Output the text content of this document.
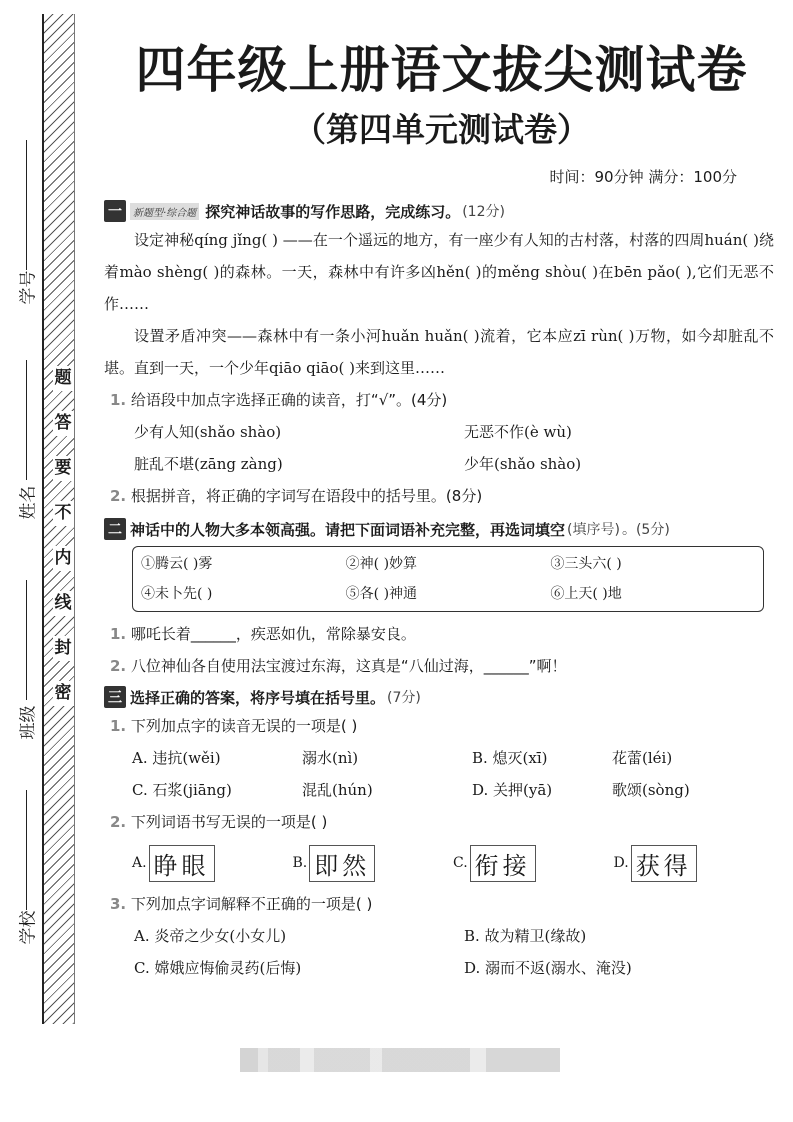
题
答
要
不
内
线
封
密
学号
姓名
班级
学校
四年级上册语文拔尖测试卷
（第四单元测试卷）
时间：90分钟 满分：100分
一	新题型·综合题 探究神话故事的写作思路，完成练习。 (12分)
设定神秘qíng jǐng( ) ——在一个遥远的地方，有一座少有人知的古村落，村落的四周huán( )绕着mào shèng( )的森林。一天，森林中有许多凶hěn( )的měng shòu( )在bēn pǎo( ),它们无恶不作……
设置矛盾冲突——森林中有一条小河huǎn huǎn( )流着，它本应zī rùn( )万物，如今却脏乱不堪。直到一天，一个少年qiāo qiāo( )来到这里……
1. 给语段中加点字选择正确的读音，打“√”。(4分)
少有人知(shǎo shào)	无恶不作(è wù)
脏乱不堪(zāng zàng)	少年(shǎo shào)
2. 根据拼音，将正确的字词写在语段中的括号里。(8分)
二 神话中的人物大多本领高强。请把下面词语补充完整，再选词填空 (填序号) 。(5分)
①腾云( )雾	②神( )妙算	③三头六( )
④未卜先( )	⑤各( )神通	⑥上天( )地
1. 哪吒长着______，疾恶如仇，常除暴安良。
2. 八位神仙各自使用法宝渡过东海，这真是“八仙过海，______”啊！
三 选择正确的答案，将序号填在括号里。 (7分)
1. 下列加点字的读音无误的一项是( )
A. 违抗(wěi)	溺水(nì)	B. 熄灭(xī)	花蕾(léi)
C. 石浆(jiāng)	混乱(hún)	D. 关押(yā)	歌颂(sòng)
2. 下列词语书写无误的一项是( )
A. 睁眼	B. 即然	C. 衔接	D. 获得
3. 下列加点字词解释不正确的一项是( )
A. 炎帝之少女(小女儿)	B. 故为精卫(缘故)
C. 嫦娥应悔偷灵药(后悔)	D. 溺而不返(溺水、淹没)
